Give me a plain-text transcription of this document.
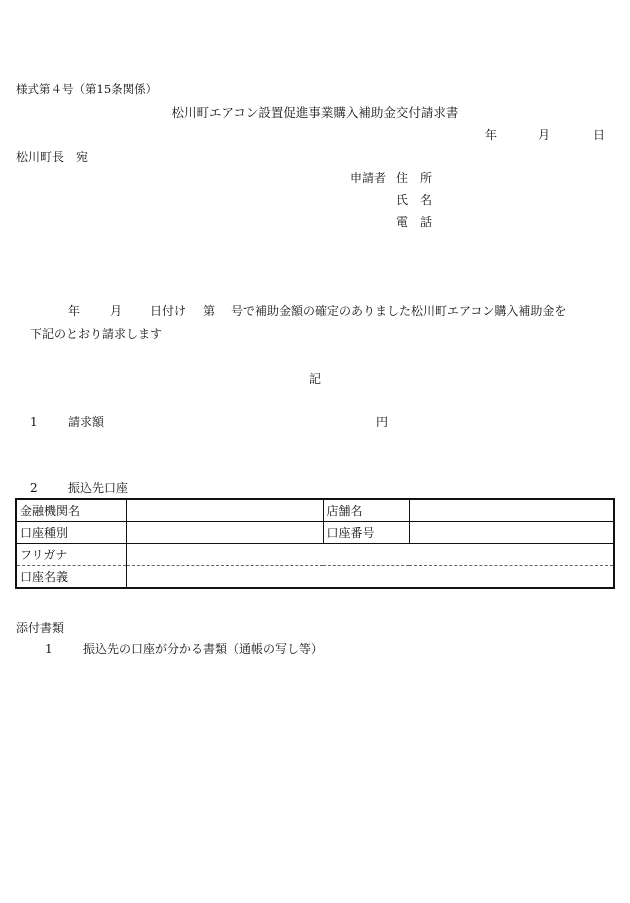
様式第４号（第15条関係）
松川町エアコン設置促進事業購入補助金交付請求書
年	月	日
松川町長　宛
申請者 住　所
氏　名
電　話
年 月 日付け 第 号で補助金額の確定のありました松川町エアコン購入補助金を
下記のとおり請求します
記
1	請求額	円
2	振込先口座
金融機関名		店舗名	
口座種別		口座番号	
フリガナ			
口座名義			
添付書類
1	振込先の口座が分かる書類（通帳の写し等）
